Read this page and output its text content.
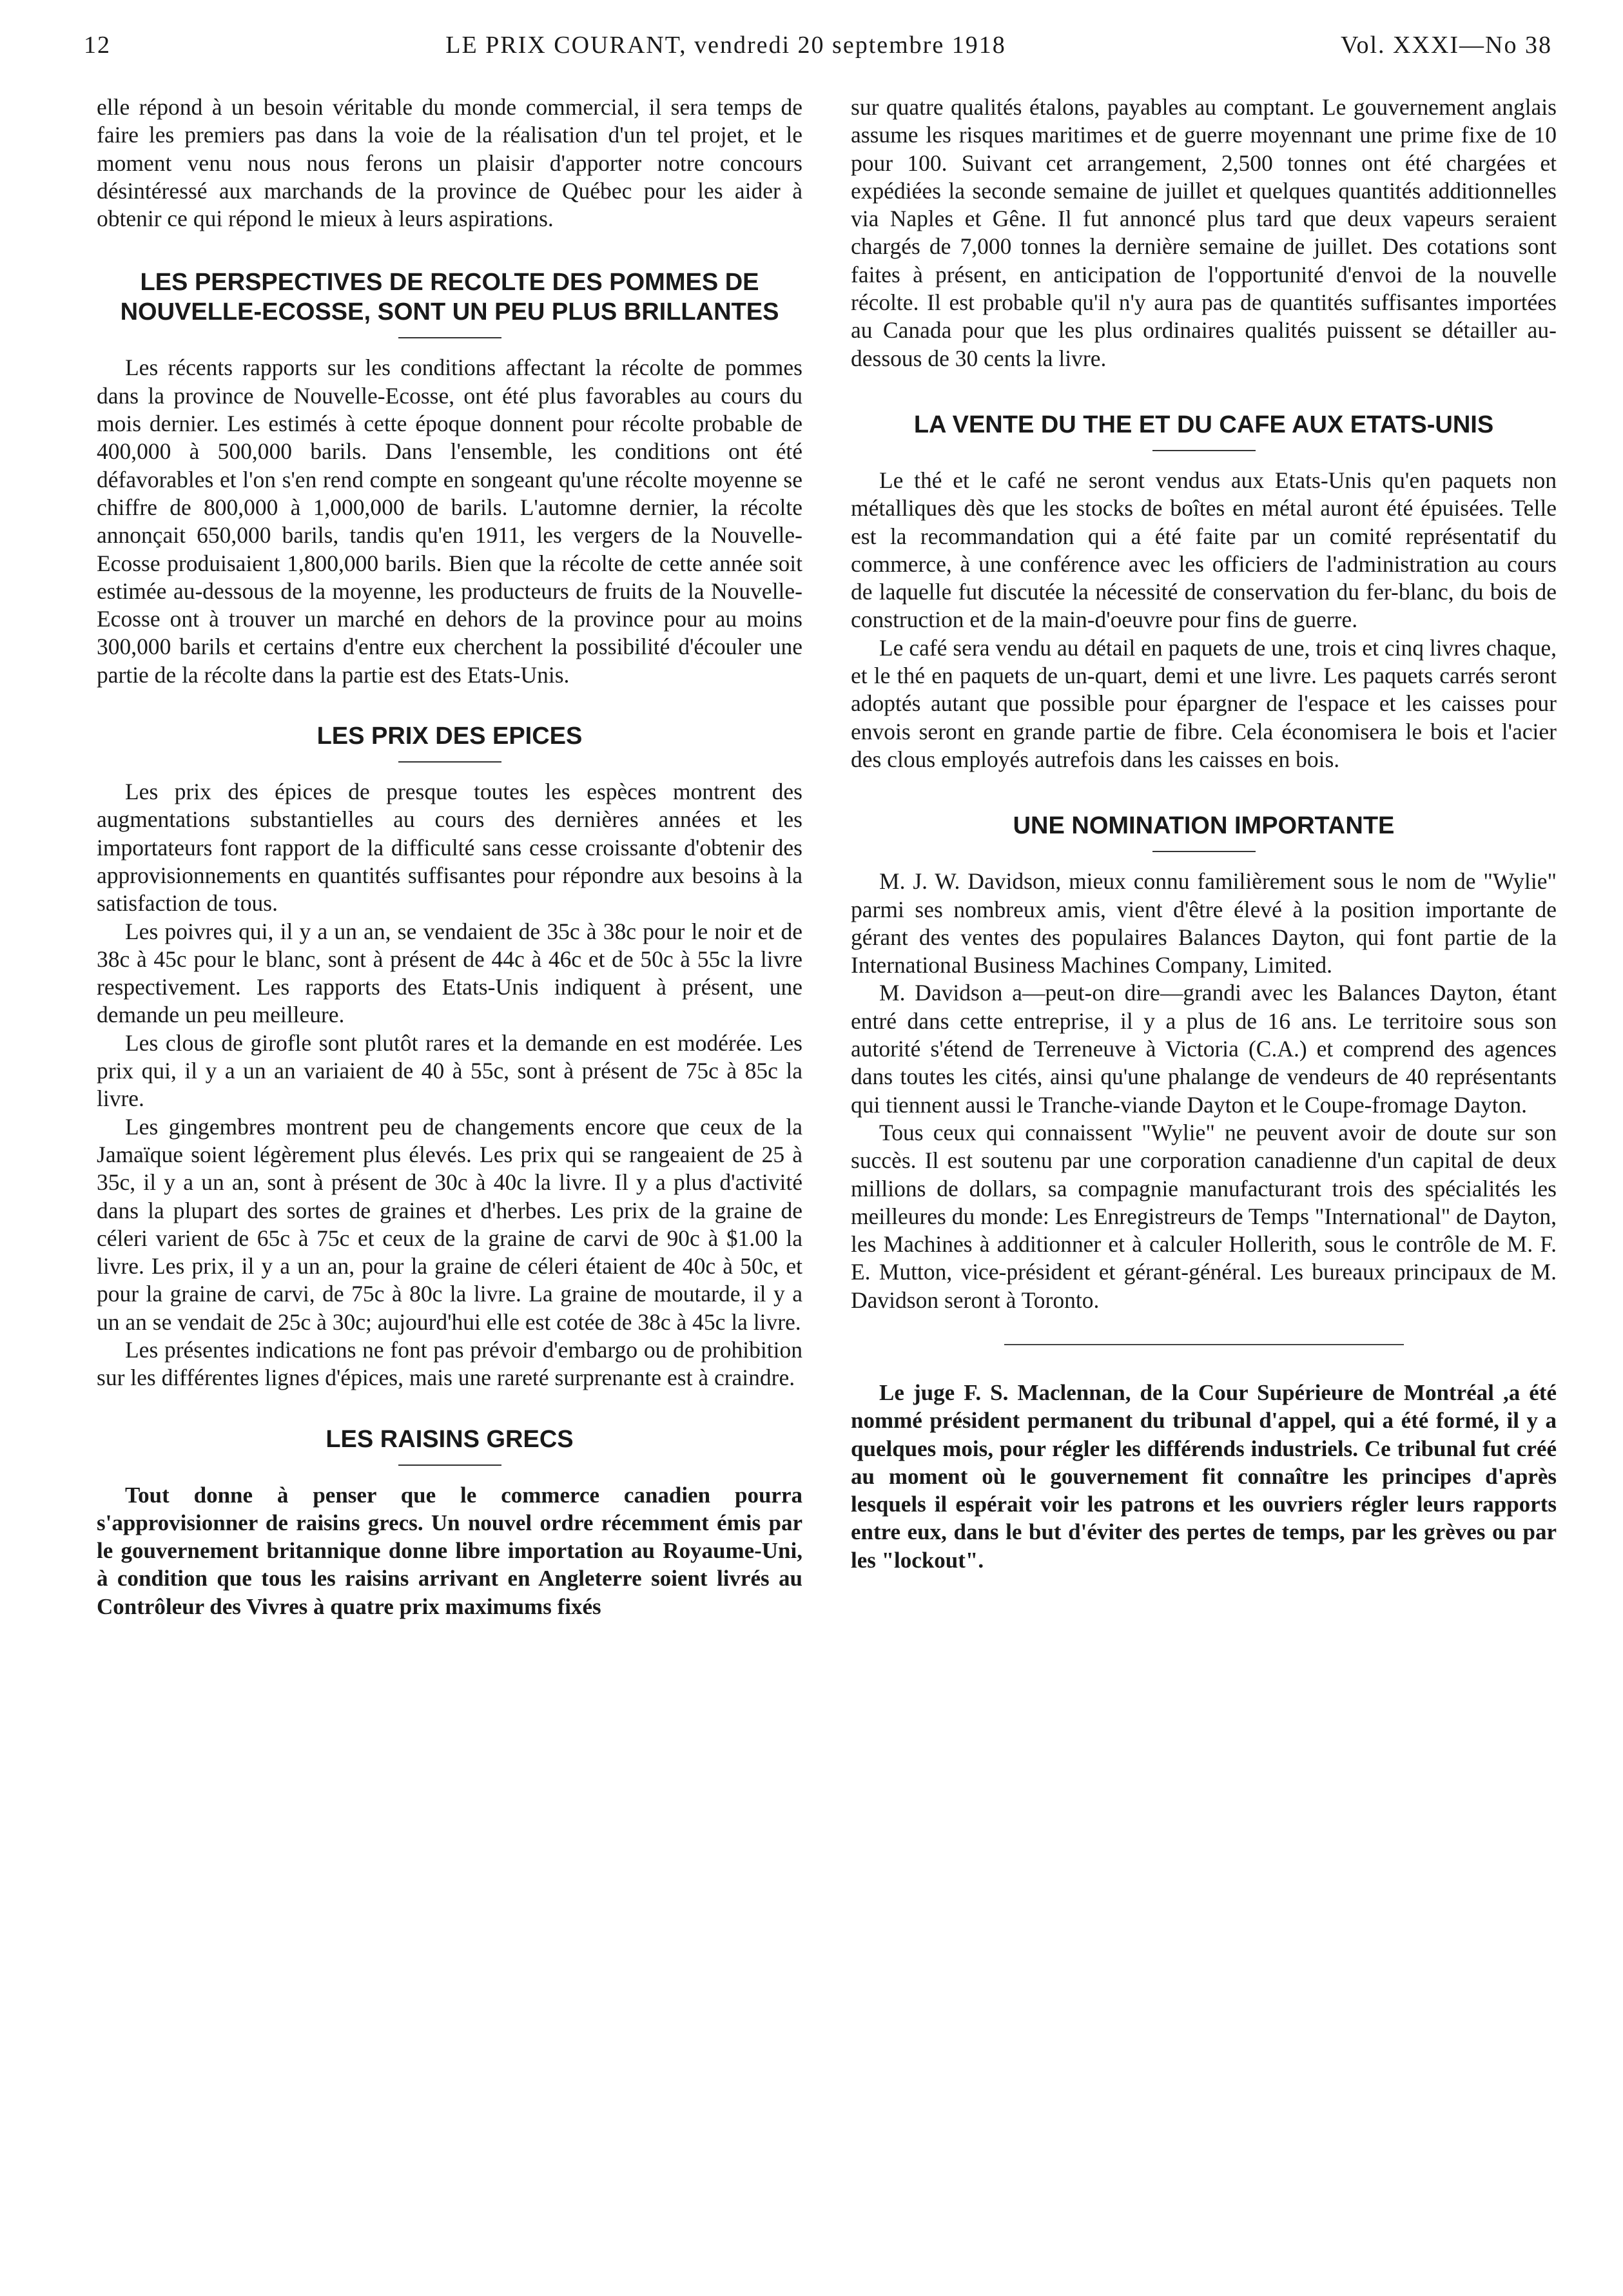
12	LE PRIX COURANT, vendredi 20 septembre 1918	Vol. XXXI—No 38

elle répond à un besoin véritable du monde commercial, il sera temps de faire les premiers pas dans la voie de la réalisation d'un tel projet, et le moment venu nous nous ferons un plaisir d'apporter notre concours désintéressé aux marchands de la province de Québec pour les aider à obtenir ce qui répond le mieux à leurs aspirations.

LES PERSPECTIVES DE RECOLTE DES POMMES DE NOUVELLE-ECOSSE, SONT UN PEU PLUS BRILLANTES

Les récents rapports sur les conditions affectant la récolte de pommes dans la province de Nouvelle-Ecosse, ont été plus favorables au cours du mois dernier. Les estimés à cette époque donnent pour récolte probable de 400,000 à 500,000 barils. Dans l'ensemble, les conditions ont été défavorables et l'on s'en rend compte en songeant qu'une récolte moyenne se chiffre de 800,000 à 1,000,000 de barils. L'automne dernier, la récolte annonçait 650,000 barils, tandis qu'en 1911, les vergers de la Nouvelle-Ecosse produisaient 1,800,000 barils. Bien que la récolte de cette année soit estimée au-dessous de la moyenne, les producteurs de fruits de la Nouvelle-Ecosse ont à trouver un marché en dehors de la province pour au moins 300,000 barils et certains d'entre eux cherchent la possibilité d'écouler une partie de la récolte dans la partie est des Etats-Unis.

LES PRIX DES EPICES

Les prix des épices de presque toutes les espèces montrent des augmentations substantielles au cours des dernières années et les importateurs font rapport de la difficulté sans cesse croissante d'obtenir des approvisionnements en quantités suffisantes pour répondre aux besoins à la satisfaction de tous.

Les poivres qui, il y a un an, se vendaient de 35c à 38c pour le noir et de 38c à 45c pour le blanc, sont à présent de 44c à 46c et de 50c à 55c la livre respectivement. Les rapports des Etats-Unis indiquent à présent, une demande un peu meilleure.

Les clous de girofle sont plutôt rares et la demande en est modérée. Les prix qui, il y a un an variaient de 40 à 55c, sont à présent de 75c à 85c la livre.

Les gingembres montrent peu de changements encore que ceux de la Jamaïque soient légèrement plus élevés. Les prix qui se rangeaient de 25 à 35c, il y a un an, sont à présent de 30c à 40c la livre. Il y a plus d'activité dans la plupart des sortes de graines et d'herbes. Les prix de la graine de céleri varient de 65c à 75c et ceux de la graine de carvi de 90c à $1.00 la livre. Les prix, il y a un an, pour la graine de céleri étaient de 40c à 50c, et pour la graine de carvi, de 75c à 80c la livre. La graine de moutarde, il y a un an se vendait de 25c à 30c; aujourd'hui elle est cotée de 38c à 45c la livre.

Les présentes indications ne font pas prévoir d'embargo ou de prohibition sur les différentes lignes d'épices, mais une rareté surprenante est à craindre.

LES RAISINS GRECS

Tout donne à penser que le commerce canadien pourra s'approvisionner de raisins grecs. Un nouvel ordre récemment émis par le gouvernement britannique donne libre importation au Royaume-Uni, à condition que tous les raisins arrivant en Angleterre soient livrés au Contrôleur des Vivres à quatre prix maximums fixés

sur quatre qualités étalons, payables au comptant. Le gouvernement anglais assume les risques maritimes et de guerre moyennant une prime fixe de 10 pour 100. Suivant cet arrangement, 2,500 tonnes ont été chargées et expédiées la seconde semaine de juillet et quelques quantités additionnelles via Naples et Gêne. Il fut annoncé plus tard que deux vapeurs seraient chargés de 7,000 tonnes la dernière semaine de juillet. Des cotations sont faites à présent, en anticipation de l'opportunité d'envoi de la nouvelle récolte. Il est probable qu'il n'y aura pas de quantités suffisantes importées au Canada pour que les plus ordinaires qualités puissent se détailler au-dessous de 30 cents la livre.

LA VENTE DU THE ET DU CAFE AUX ETATS-UNIS

Le thé et le café ne seront vendus aux Etats-Unis qu'en paquets non métalliques dès que les stocks de boîtes en métal auront été épuisées. Telle est la recommandation qui a été faite par un comité représentatif du commerce, à une conférence avec les officiers de l'administration au cours de laquelle fut discutée la nécessité de conservation du fer-blanc, du bois de construction et de la main-d'oeuvre pour fins de guerre.

Le café sera vendu au détail en paquets de une, trois et cinq livres chaque, et le thé en paquets de un-quart, demi et une livre. Les paquets carrés seront adoptés autant que possible pour épargner de l'espace et les caisses pour envois seront en grande partie de fibre. Cela économisera le bois et l'acier des clous employés autrefois dans les caisses en bois.

UNE NOMINATION IMPORTANTE

M. J. W. Davidson, mieux connu familièrement sous le nom de "Wylie" parmi ses nombreux amis, vient d'être élevé à la position importante de gérant des ventes des populaires Balances Dayton, qui font partie de la International Business Machines Company, Limited.

M. Davidson a—peut-on dire—grandi avec les Balances Dayton, étant entré dans cette entreprise, il y a plus de 16 ans. Le territoire sous son autorité s'étend de Terreneuve à Victoria (C.A.) et comprend des agences dans toutes les cités, ainsi qu'une phalange de vendeurs de 40 représentants qui tiennent aussi le Tranche-viande Dayton et le Coupe-fromage Dayton.

Tous ceux qui connaissent "Wylie" ne peuvent avoir de doute sur son succès. Il est soutenu par une corporation canadienne d'un capital de deux millions de dollars, sa compagnie manufacturant trois des spécialités les meilleures du monde: Les Enregistreurs de Temps "International" de Dayton, les Machines à additionner et à calculer Hollerith, sous le contrôle de M. F. E. Mutton, vice-président et gérant-général. Les bureaux principaux de M. Davidson seront à Toronto.

Le juge F. S. Maclennan, de la Cour Supérieure de Montréal ,a été nommé président permanent du tribunal d'appel, qui a été formé, il y a quelques mois, pour régler les différends industriels. Ce tribunal fut créé au moment où le gouvernement fit connaître les principes d'après lesquels il espérait voir les patrons et les ouvriers régler leurs rapports entre eux, dans le but d'éviter des pertes de temps, par les grèves ou par les "lockout".
